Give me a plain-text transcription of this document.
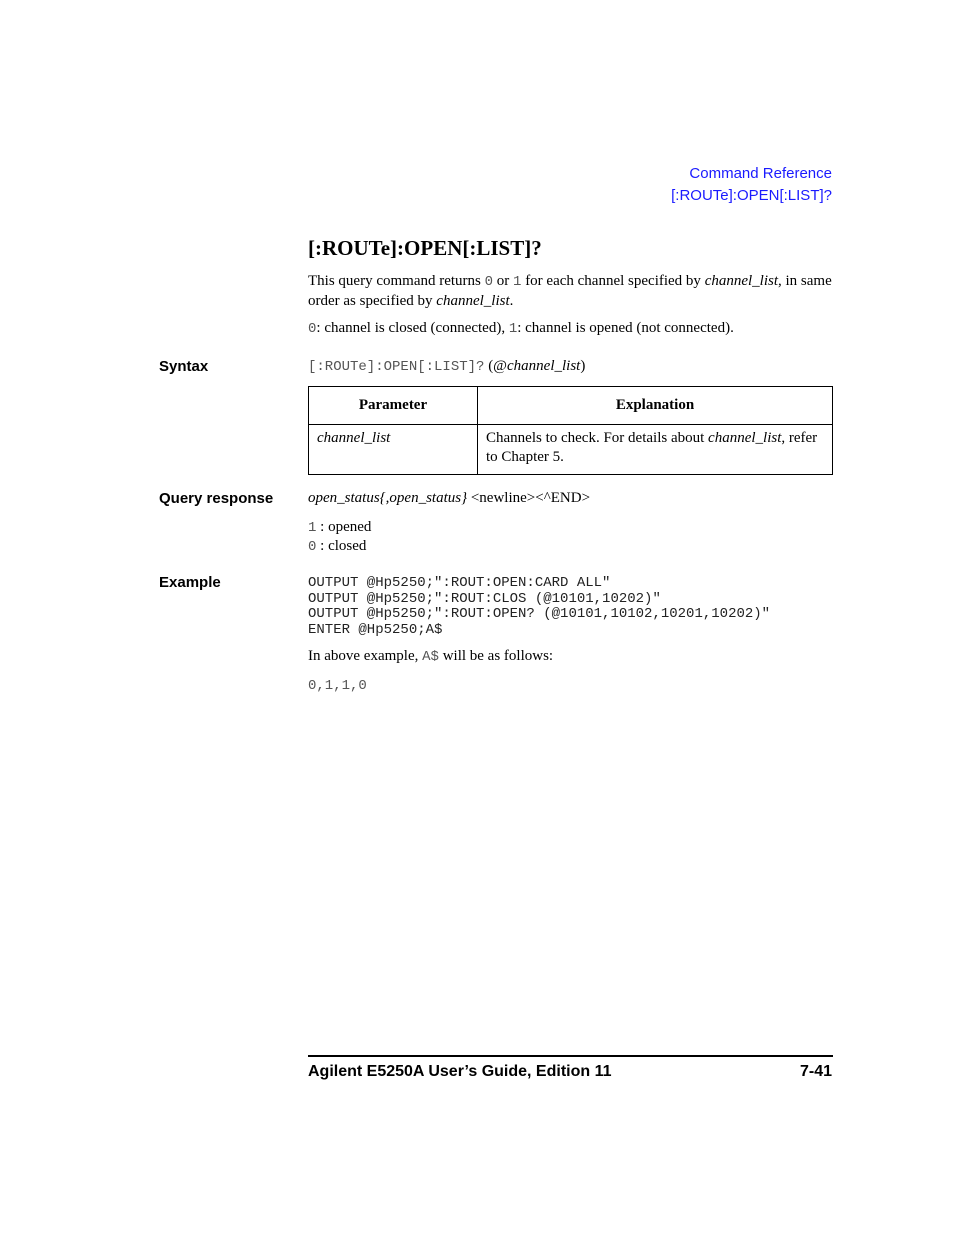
Command Reference
[:ROUTe]:OPEN[:LIST]?
[:ROUTe]:OPEN[:LIST]?
This query command returns 0 or 1 for each channel specified by channel_list, in same order as specified by channel_list.
0: channel is closed (connected), 1: channel is opened (not connected).
Syntax	[:ROUTe]:OPEN[:LIST]? (@channel_list)
Parameter	Explanation
channel_list	Channels to check. For details about channel_list, refer to Chapter 5.
Query response open_status{,open_status} <newline><^END>
1 : opened
0 : closed
Example	OUTPUT @Hp5250;":ROUT:OPEN:CARD ALL"
OUTPUT @Hp5250;":ROUT:CLOS (@10101,10202)"
OUTPUT @Hp5250;":ROUT:OPEN? (@10101,10102,10201,10202)"
ENTER @Hp5250;A$
In above example, A$ will be as follows:
0,1,1,0
Agilent E5250A User’s Guide, Edition 11	7-41
